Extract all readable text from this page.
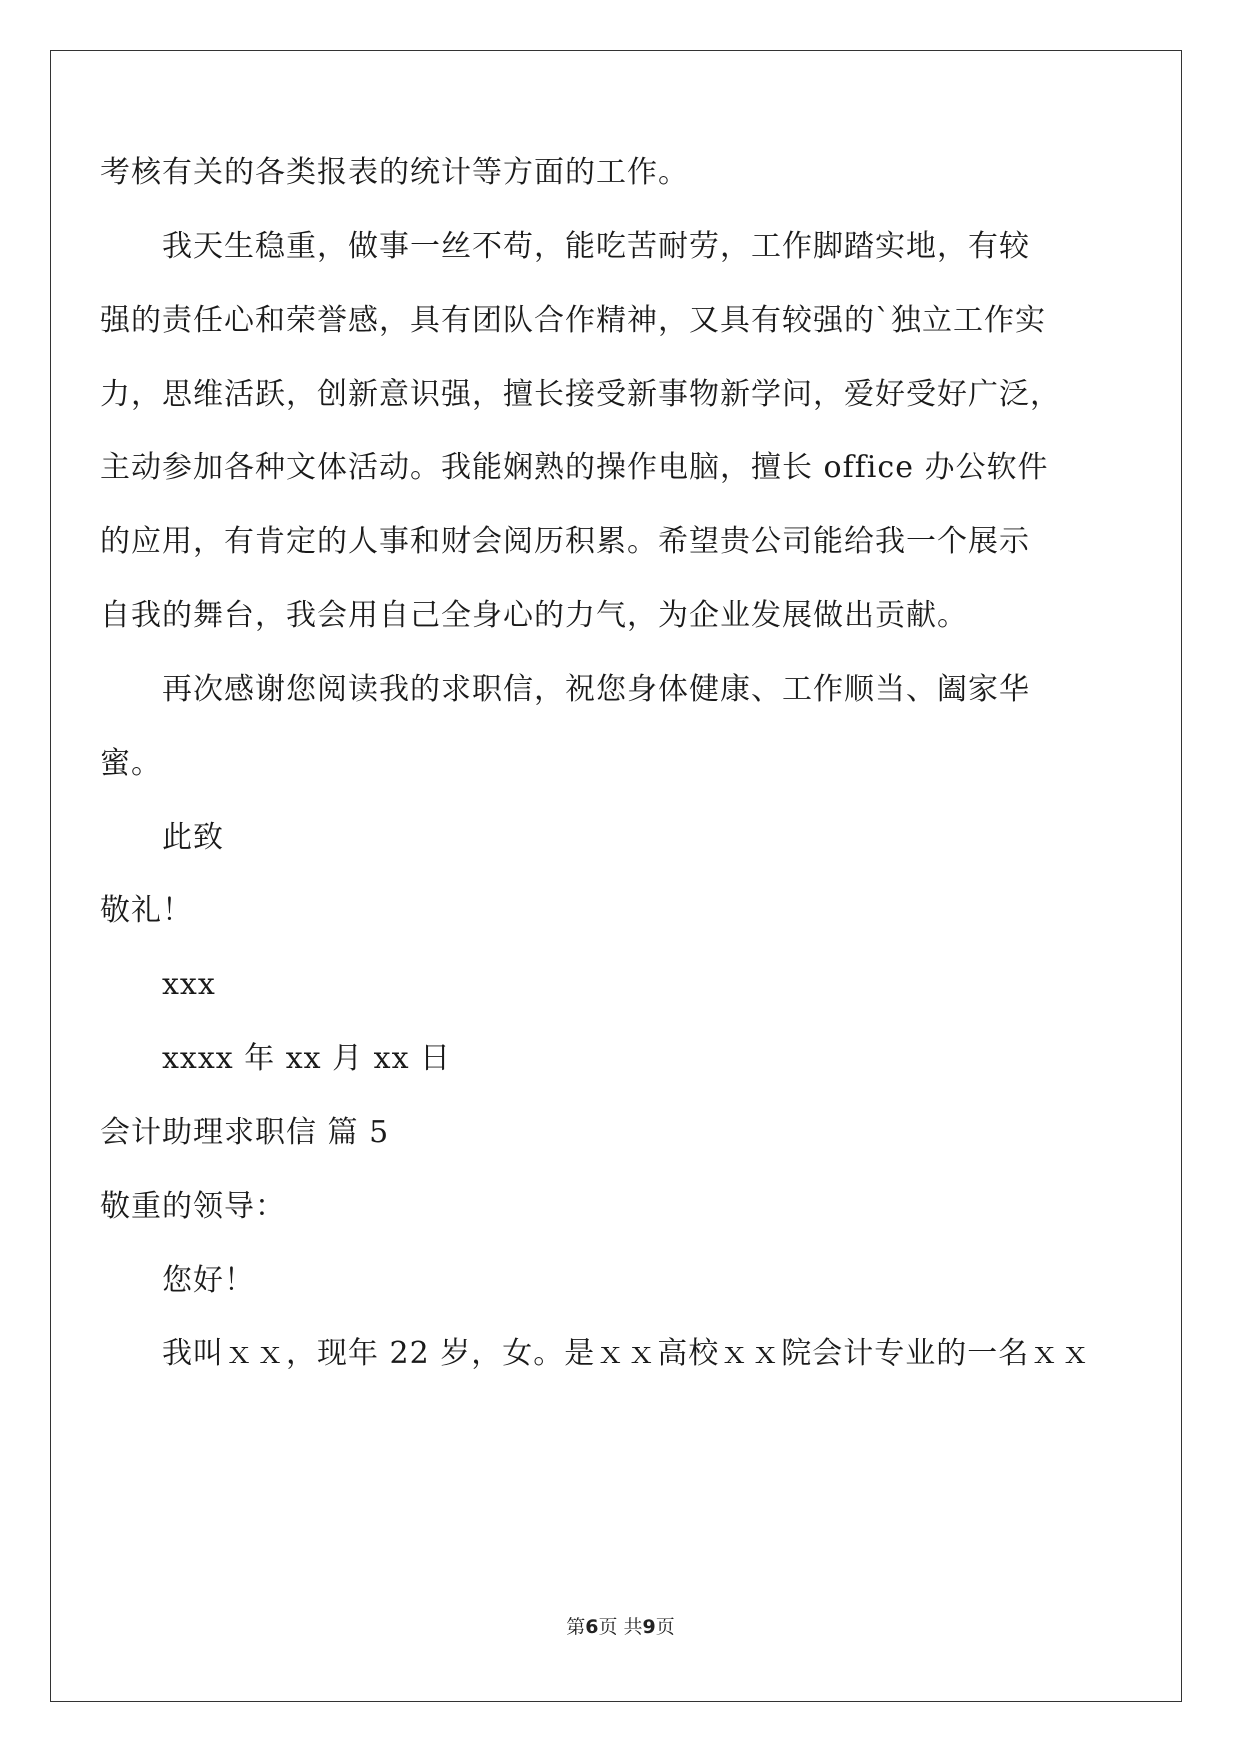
考核有关的各类报表的统计等方面的工作。
我天生稳重，做事一丝不苟，能吃苦耐劳，工作脚踏实地，有较
强的责任心和荣誉感，具有团队合作精神，又具有较强的`独立工作实
力，思维活跃，创新意识强，擅长接受新事物新学问，爱好受好广泛，
主动参加各种文体活动。我能娴熟的操作电脑，擅长 office 办公软件
的应用，有肯定的人事和财会阅历积累。希望贵公司能给我一个展示
自我的舞台，我会用自己全身心的力气，为企业发展做出贡献。
再次感谢您阅读我的求职信，祝您身体健康、工作顺当、阖家华
蜜。
此致
敬礼！
xxx
xxxx 年 xx 月 xx 日
会计助理求职信 篇 5
敬重的领导：
您好！
我叫ｘｘ，现年 22 岁，女。是ｘｘ高校ｘｘ院会计专业的一名ｘｘ
第6页 共9页
